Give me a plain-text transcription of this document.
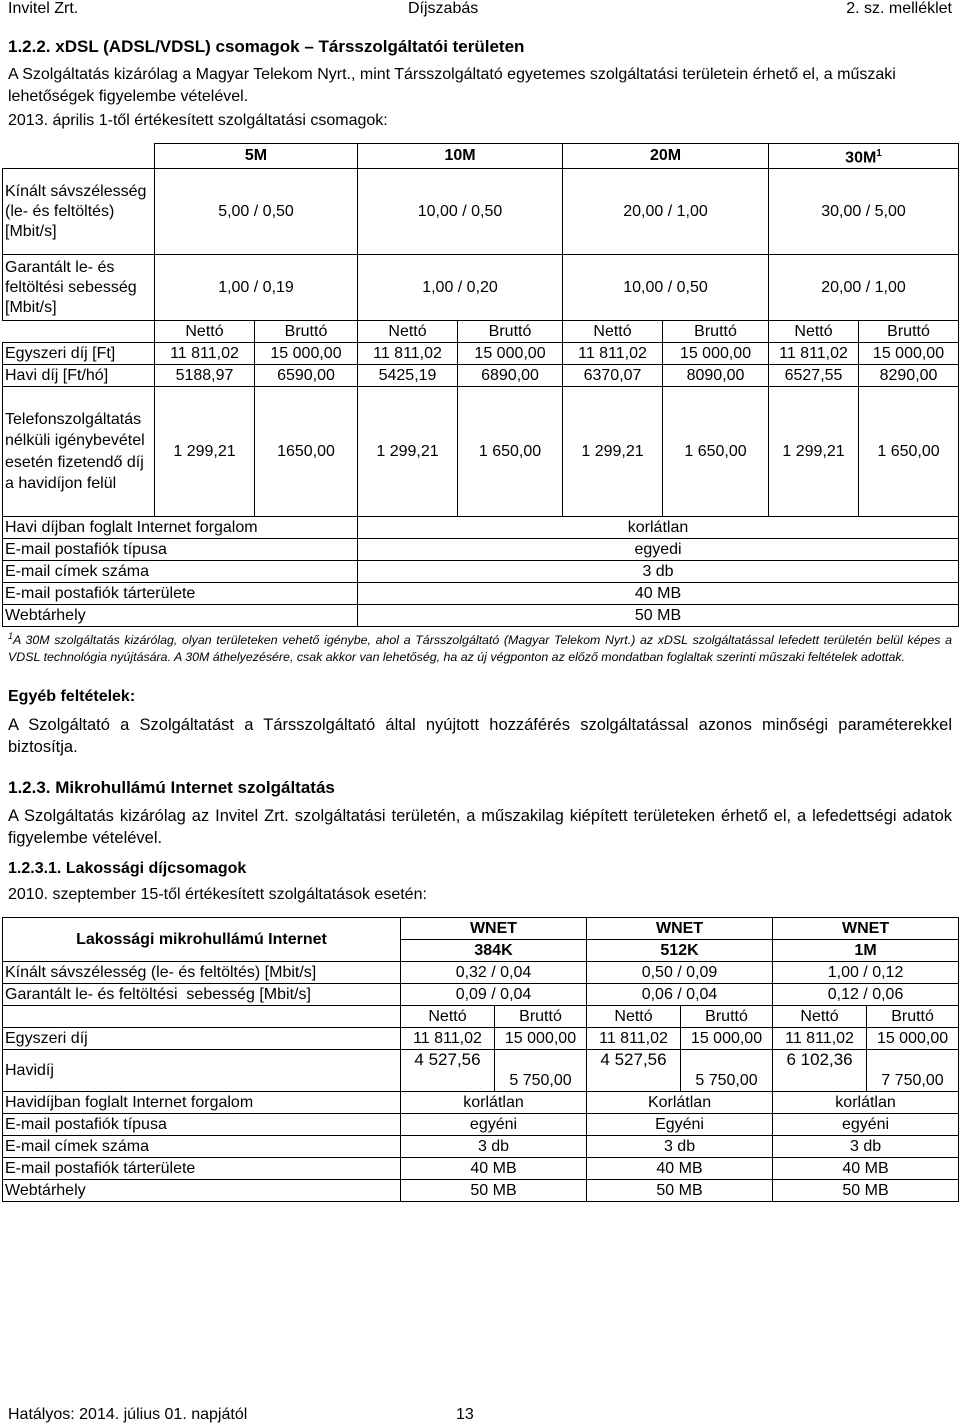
Invitel Zrt.	Díjszabás	2. sz. melléklet
1.2.2. xDSL (ADSL/VDSL) csomagok – Társszolgáltatói területen
A Szolgáltatás kizárólag a Magyar Telekom Nyrt., mint Társszolgáltató egyetemes szolgáltatási területein érhető el, a műszaki lehetőségek figyelembe vételével.
2013. április 1-től értékesített szolgáltatási csomagok:
	5M		10M		20M		$30M^1$
Kínált sávszélesség (le- és feltöltés) [Mbit/s]	5,00 / 0,50		10,00 / 0,50		20,00 / 1,00		30,00 / 5,00	
Garantált le- és feltöltési sebesség [Mbit/s]	1,00 / 0,19		1,00 / 0,20		10,00 / 0,50		20,00 / 1,00	
	Nettó	Bruttó	Nettó	Bruttó	Nettó	Bruttó	Nettó	Bruttó
Egyszeri díj [Ft]	11 811,02	15 000,00	11 811,02	15 000,00	11 811,02	15 000,00	11 811,02	15 000,00
Havi díj [Ft/hó]	5188,97	6590,00	5425,19	6890,00	6370,07	8090,00	6527,55	8290,00
Telefonszolgáltatás nélküli igénybevétel esetén fizetendő díj a havidíjon felül	1 299,21	1650,00	1 299,21	1 650,00	1 299,21	1 650,00	1 299,21	1 650,00
Havi díjban foglalt Internet forgalom			korlátlan					
E-mail postafiók típusa			egyedi					
E-mail címek száma			3 db					
E-mail postafiók tárterülete			40 MB					
Webtárhely			50 MB					
$^1$A 30M szolgáltatás kizárólag, olyan területeken vehető igénybe, ahol a Társszolgáltató (Magyar Telekom Nyrt.) az xDSL szolgáltatással lefedett területén belül képes a VDSL technológia nyújtására. A 30M áthelyezésére, csak akkor van lehetőség, ha az új végponton az előző mondatban foglaltak szerinti műszaki feltételek adottak.
Egyéb feltételek:
A Szolgáltató a Szolgáltatást a Társszolgáltató által nyújtott hozzáférés szolgáltatással azonos minőségi paraméterekkel biztosítja.
1.2.3. Mikrohullámú Internet szolgáltatás
A Szolgáltatás kizárólag az Invitel Zrt. szolgáltatási területén, a műszakilag kiépített területeken érhető el, a lefedettségi adatok figyelembe vételével.
1.2.3.1. Lakossági díjcsomagok
2010. szeptember 15-től értékesített szolgáltatások esetén:
Lakossági mikrohullámú Internet	WNET		WNET		WNET	
	384K		512K		1M	
Kínált sávszélesség (le- és feltöltés) [Mbit/s]	0,32 / 0,04		0,50 / 0,09		1,00 / 0,12	
Garantált le- és feltöltési  sebesség [Mbit/s]	0,09 / 0,04		0,06 / 0,04		0,12 / 0,06	
	Nettó	Bruttó	Nettó	Bruttó	Nettó	Bruttó
Egyszeri díj	11 811,02	15 000,00	11 811,02	15 000,00	11 811,02	15 000,00
Havidíj	4 527,56	5 750,00	4 527,56	5 750,00	6 102,36	7 750,00
Havidíjban foglalt Internet forgalom	korlátlan		Korlátlan		korlátlan	
E-mail postafiók típusa	egyéni		Egyéni		egyéni	
E-mail címek száma	3 db		3 db		3 db	
E-mail postafiók tárterülete	40 MB		40 MB		40 MB	
Webtárhely	50 MB		50 MB		50 MB	
Hatályos: 2014. július 01. napjától	13
